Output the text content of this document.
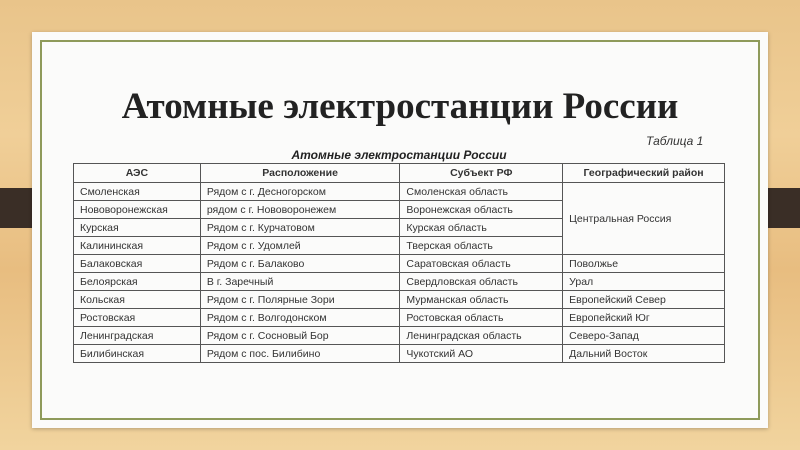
Атомные электростанции России
Таблица 1
Атомные электростанции России
АЭС	Расположение	Субъект РФ	Географический район
Смоленская	Рядом с г. Десногорском	Смоленская область	Центральная Россия
Нововоронежская	рядом с г. Нововоронежем	Воронежская область	
Курская	Рядом с г. Курчатовом	Курская область	
Калининская	Рядом с г. Удомлей	Тверская область	
Балаковская	Рядом с г. Балаково	Саратовская область	Поволжье
Белоярская	В г. Заречный	Свердловская область	Урал
Кольская	Рядом с г. Полярные Зори	Мурманская область	Европейский Север
Ростовская	Рядом с г. Волгодонском	Ростовская область	Европейский Юг
Ленинградская	Рядом с г. Сосновый Бор	Ленинградская область	Северо-Запад
Билибинская	Рядом с пос. Билибино	Чукотский АО	Дальний Восток
